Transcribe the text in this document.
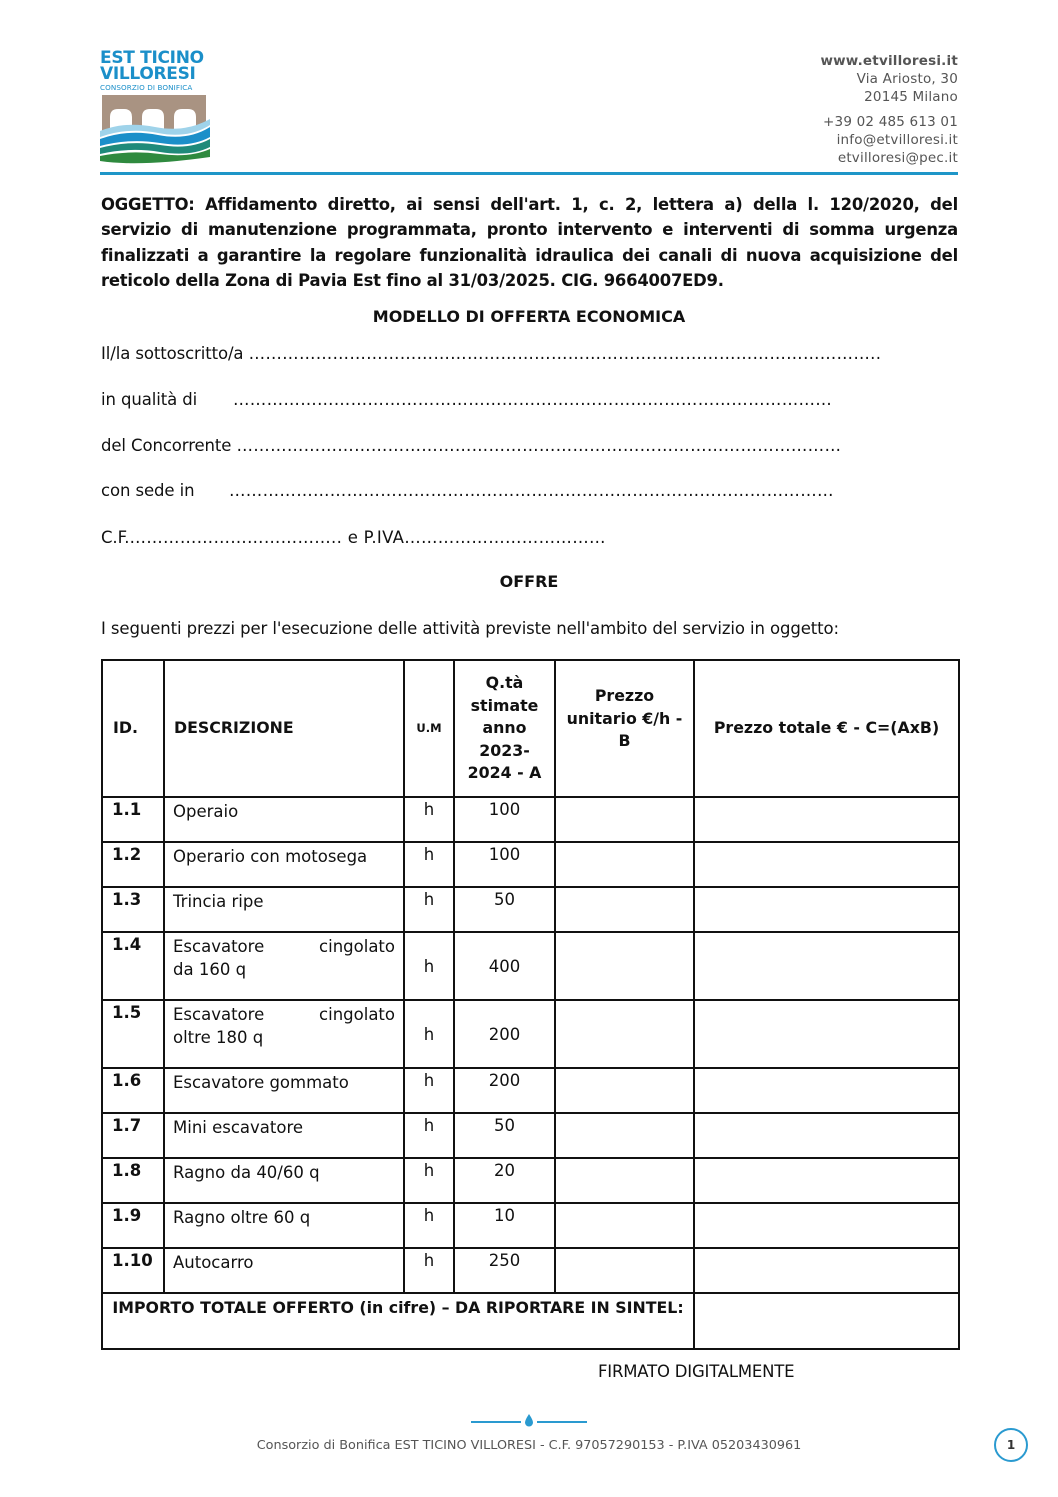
EST TICINO
VILLORESI
CONSORZIO DI BONIFICA
www.etvilloresi.it
Via Ariosto, 30
20145 Milano
+39 02 485 613 01
info@etvilloresi.it
etvilloresi@pec.it
OGGETTO: Affidamento diretto, ai sensi dell'art. 1, c. 2, lettera a) della l. 120/2020, del servizio di manutenzione programmata, pronto intervento e interventi di somma urgenza finalizzati a garantire la regolare funzionalità idraulica dei canali di nuova acquisizione del reticolo della Zona di Pavia Est fino al 31/03/2025. CIG. 9664007ED9.
MODELLO DI OFFERTA ECONOMICA
Il/la sottoscritto/a …………………………………………………………………………………………………..
in qualità di……………………………………………………..………………………………………
del Concorrente ………………………………………………………………………………………………
con sede in………………………………………………………………………………………………
C.F.……………………………….. e P.IVA………………………………
OFFRE
I seguenti prezzi per l'esecuzione delle attività previste nell'ambito del servizio in oggetto:
ID.	DESCRIZIONE	U.M	Q.tà stimate anno 2023-2024 - A	Prezzo unitario €/h - B	Prezzo totale € - C=(AxB)
1.1	Operaio	h	100		
1.2	Operario con motosega	h	100		
1.3	Trincia ripe	h	50		
1.4	Escavatore cingolato
da 160 q	h	400		
1.5	Escavatore cingolato
oltre 180 q	h	200		
1.6	Escavatore gommato	h	200		
1.7	Mini escavatore	h	50		
1.8	Ragno da 40/60 q	h	20		
1.9	Ragno oltre 60 q	h	10		
1.10	Autocarro	h	250		
IMPORTO TOTALE OFFERTO (in cifre) – DA RIPORTARE IN SINTEL:					
FIRMATO DIGITALMENTE
Consorzio di Bonifica EST TICINO VILLORESI - C.F. 97057290153 - P.IVA 05203430961	1
